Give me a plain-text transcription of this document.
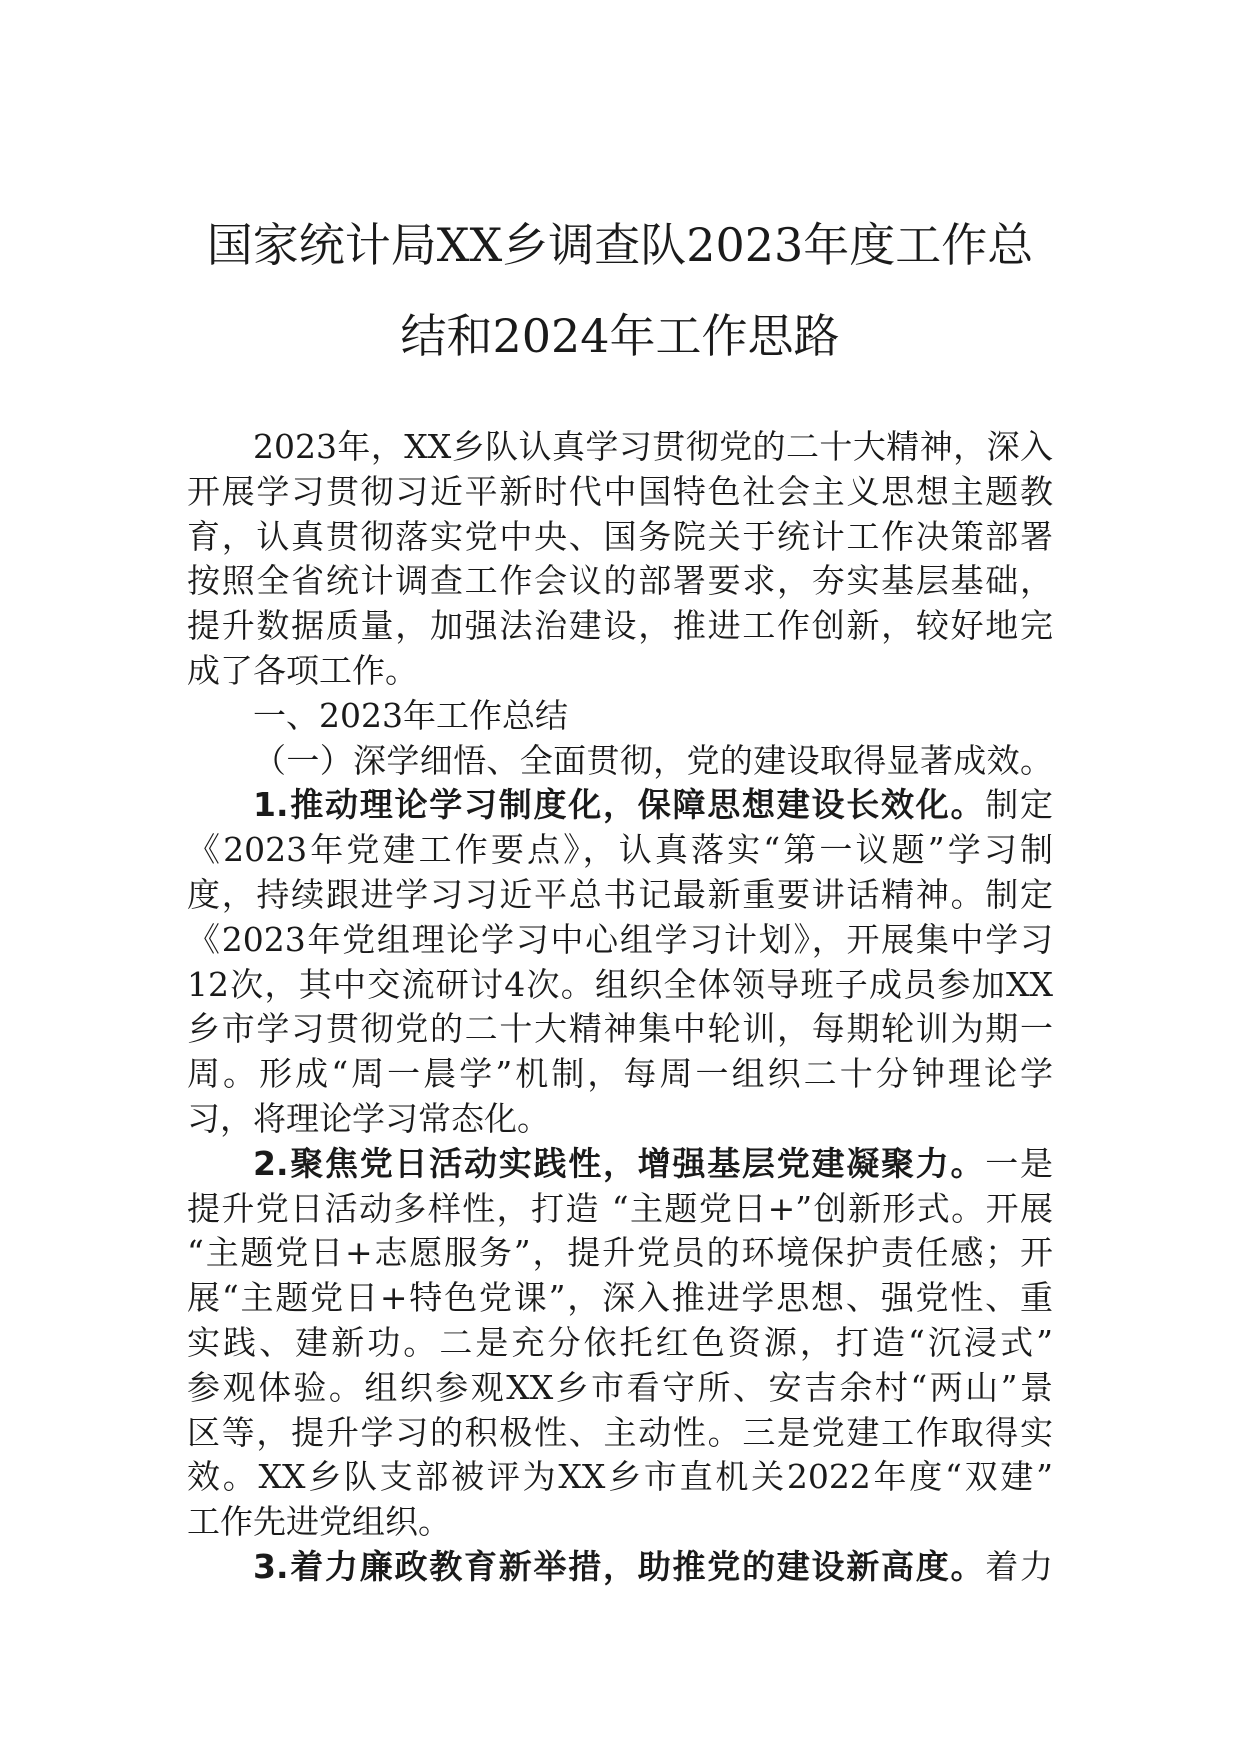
国家统计局XX乡调查队2023年度工作总
结和2024年工作思路
2023年，XX乡队认真学习贯彻党的二十大精神，深入
开展学习贯彻习近平新时代中国特色社会主义思想主题教
育，认真贯彻落实党中央、国务院关于统计工作决策部署
按照全省统计调查工作会议的部署要求，夯实基层基础，
提升数据质量，加强法治建设，推进工作创新，较好地完
成了各项工作。
一、2023年工作总结
（一）深学细悟、全面贯彻，党的建设取得显著成效。
1.推动理论学习制度化，保障思想建设长效化。制定
《2023年党建工作要点》，认真落实“第一议题”学习制
度，持续跟进学习习近平总书记最新重要讲话精神。制定
《2023年党组理论学习中心组学习计划》，开展集中学习
12次，其中交流研讨4次。组织全体领导班子成员参加XX
乡市学习贯彻党的二十大精神集中轮训，每期轮训为期一
周。形成“周一晨学”机制，每周一组织二十分钟理论学
习，将理论学习常态化。
2.聚焦党日活动实践性，增强基层党建凝聚力。一是
提升党日活动多样性，打造 “主题党日+”创新形式。开展
“主题党日+志愿服务”，提升党员的环境保护责任感；开
展“主题党日+特色党课”，深入推进学思想、强党性、重
实践、建新功。二是充分依托红色资源，打造“沉浸式”
参观体验。组织参观XX乡市看守所、安吉余村“两山”景
区等，提升学习的积极性、主动性。三是党建工作取得实
效。XX乡队支部被评为XX乡市直机关2022年度“双建”
工作先进党组织。
3.着力廉政教育新举措，助推党的建设新高度。着力
